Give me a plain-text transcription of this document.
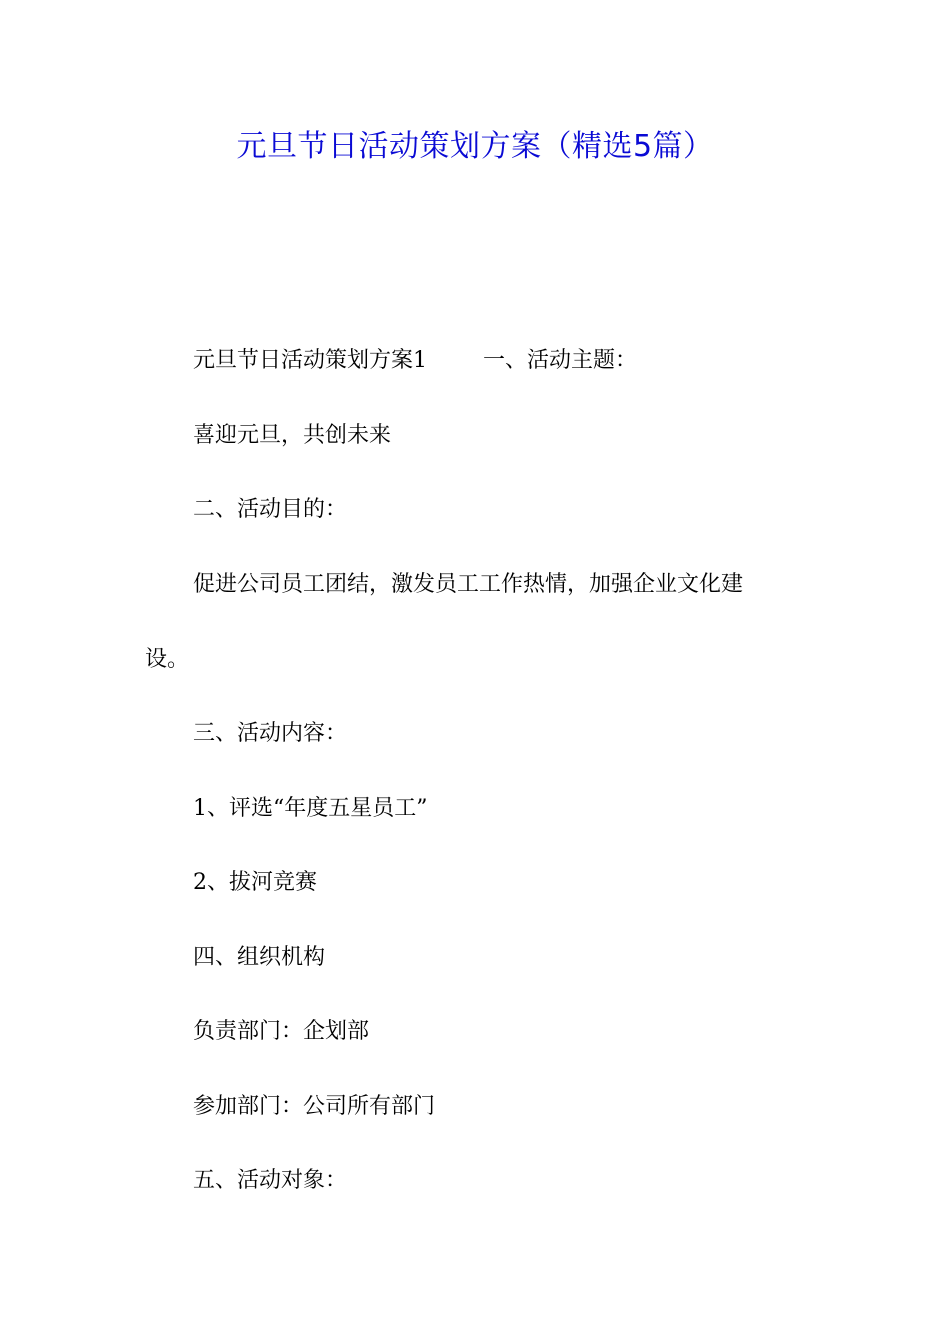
元旦节日活动策划方案（精选5篇）
元旦节日活动策划方案1	一、活动主题：
喜迎元旦，共创未来
二、活动目的：
促进公司员工团结，激发员工工作热情，加强企业文化建
设。
三、活动内容：
1、评选“年度五星员工”
2、拔河竞赛
四、组织机构
负责部门：企划部
参加部门：公司所有部门
五、活动对象：
